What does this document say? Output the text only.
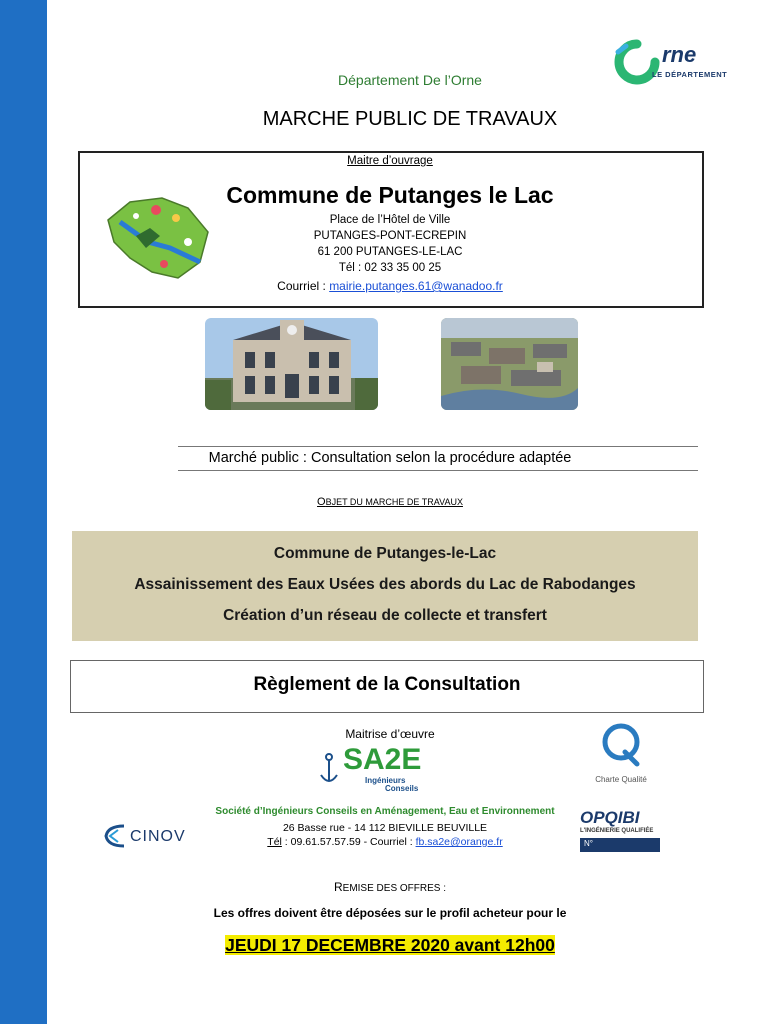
Département De l’Orne
rne
LE DÉPARTEMENT
MARCHE PUBLIC DE TRAVAUX
Maitre d’ouvrage
Commune de Putanges le Lac
Place de l’Hôtel de Ville
PUTANGES-PONT-ECREPIN
61 200 PUTANGES-LE-LAC
Tél : 02 33 35 00 25
Courriel : mairie.putanges.61@wanadoo.fr
Marché public : Consultation selon la procédure adaptée
OBJET DU MARCHE DE TRAVAUX
Commune de Putanges-le-Lac
Assainissement des Eaux Usées des abords du Lac de Rabodanges
Création d’un réseau de collecte et transfert
Règlement de la Consultation
Maitrise d’œuvre
SA2E
Ingénieurs
Conseils
Charte Qualité
Société d’Ingénieurs Conseils en Aménagement, Eau et Environnement
26 Basse rue - 14 112 BIEVILLE BEUVILLE
Tél : 09.61.57.57.59 - Courriel : fb.sa2e@orange.fr
CINOV
OPQIBI
L'INGÉNIERIE QUALIFIÉE
N°
REMISE DES OFFRES :
Les offres doivent être déposées sur le profil acheteur pour le
JEUDI 17 DECEMBRE 2020 avant 12h00
